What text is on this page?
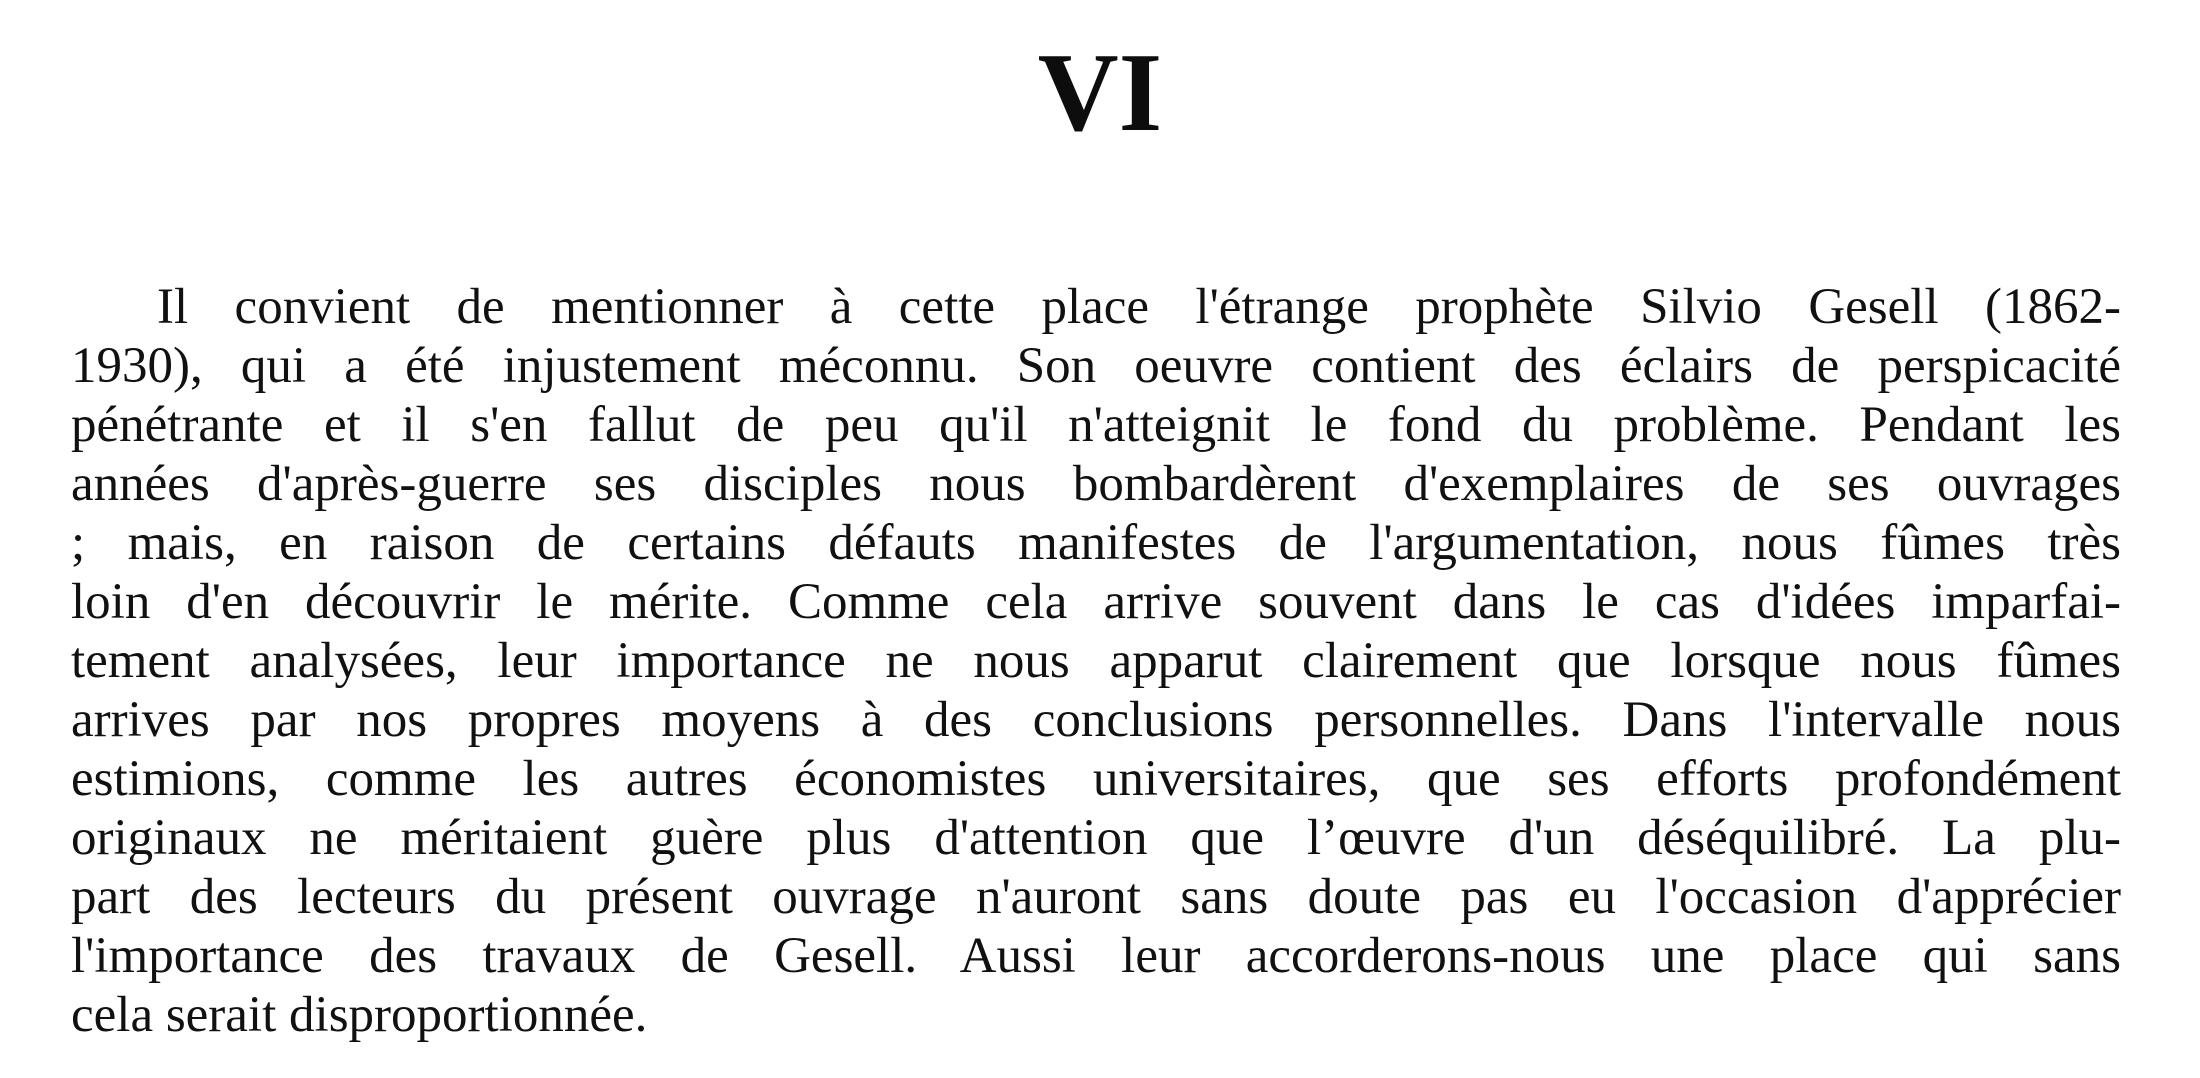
VI
Il convient de mentionner à cette place l'étrange prophète Silvio Gesell (1862-
1930), qui a été injustement méconnu. Son oeuvre contient des éclairs de perspicacité
pénétrante et il s'en fallut de peu qu'il n'atteignit le fond du problème. Pendant les
années d'après-guerre ses disciples nous bombardèrent d'exemplaires de ses ouvrages
; mais, en raison de certains défauts manifestes de l'argumentation, nous fûmes très
loin d'en découvrir le mérite. Comme cela arrive souvent dans le cas d'idées imparfai-
tement analysées, leur importance ne nous apparut clairement que lorsque nous fûmes
arrives par nos propres moyens à des conclusions personnelles. Dans l'intervalle nous
estimions, comme les autres économistes universitaires, que ses efforts profondément
originaux ne méritaient guère plus d'attention que l’œuvre d'un déséquilibré. La plu-
part des lecteurs du présent ouvrage n'auront sans doute pas eu l'occasion d'apprécier
l'importance des travaux de Gesell. Aussi leur accorderons-nous une place qui sans
cela serait disproportionnée.
